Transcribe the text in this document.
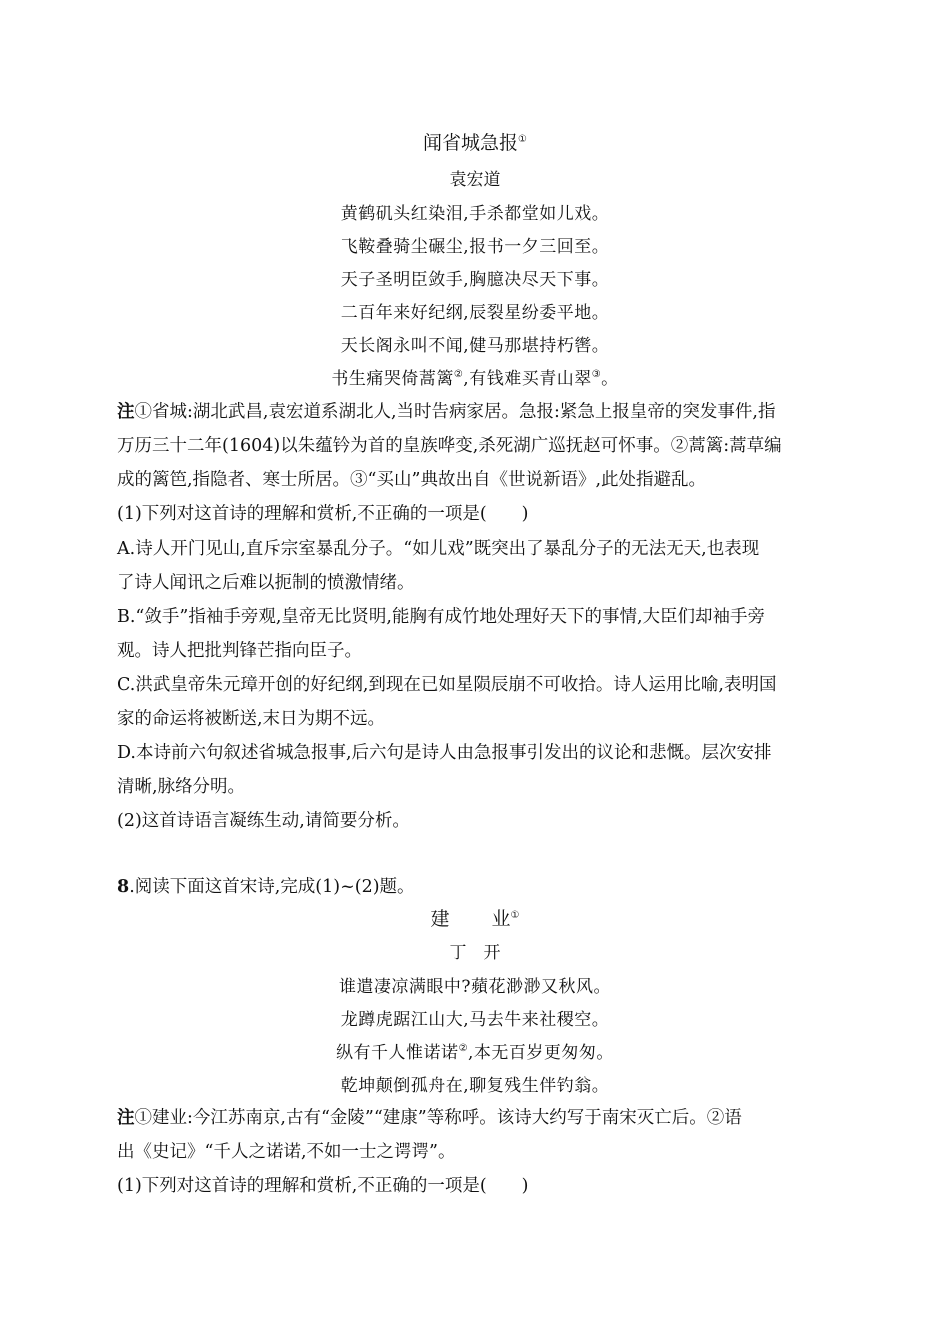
闻省城急报①
袁宏道
黄鹤矶头红染泪,手杀都堂如儿戏。
飞鞍叠骑尘碾尘,报书一夕三回至。
天子圣明臣敛手,胸臆决尽天下事。
二百年来好纪纲,辰裂星纷委平地。
天长阁永叫不闻,健马那堪持朽辔。
书生痛哭倚蒿篱②,有钱难买青山翠③。
注①省城:湖北武昌,袁宏道系湖北人,当时告病家居。急报:紧急上报皇帝的突发事件,指
万历三十二年(1604)以朱蕴钤为首的皇族哗变,杀死湖广巡抚赵可怀事。②蒿篱:蒿草编
成的篱笆,指隐者、寒士所居。③“买山”典故出自《世说新语》,此处指避乱。
(1)下列对这首诗的理解和赏析,不正确的一项是(　　)
A.诗人开门见山,直斥宗室暴乱分子。“如儿戏”既突出了暴乱分子的无法无天,也表现
了诗人闻讯之后难以扼制的愤激情绪。
B.“敛手”指袖手旁观,皇帝无比贤明,能胸有成竹地处理好天下的事情,大臣们却袖手旁
观。诗人把批判锋芒指向臣子。
C.洪武皇帝朱元璋开创的好纪纲,到现在已如星陨辰崩不可收拾。诗人运用比喻,表明国
家的命运将被断送,末日为期不远。
D.本诗前六句叙述省城急报事,后六句是诗人由急报事引发出的议论和悲慨。层次安排
清晰,脉络分明。
(2)这首诗语言凝练生动,请简要分析。
8.阅读下面这首宋诗,完成(1)~(2)题。
建 业①
丁　开
谁遣凄凉满眼中?蘋花渺渺又秋风。
龙蹲虎踞江山大,马去牛来社稷空。
纵有千人惟诺诺②,本无百岁更匆匆。
乾坤颠倒孤舟在,聊复残生伴钓翁。
注①建业:今江苏南京,古有“金陵”“建康”等称呼。该诗大约写于南宋灭亡后。②语
出《史记》“千人之诺诺,不如一士之谔谔”。
(1)下列对这首诗的理解和赏析,不正确的一项是(　　)
